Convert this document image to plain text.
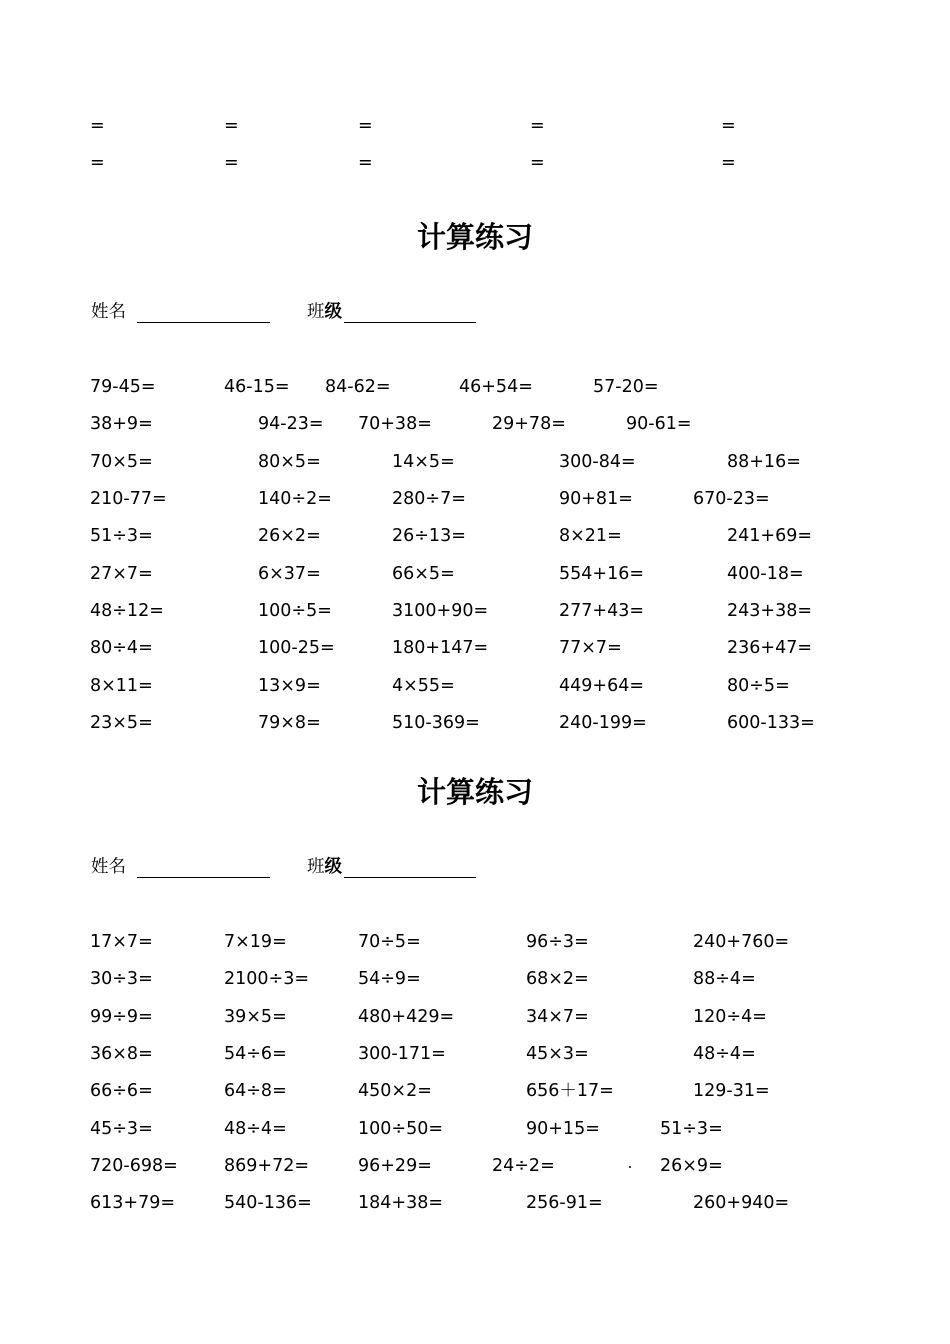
=	=	=	=	=
=	=	=	=	=
计算练习
姓名	班级
79-45=	46-15= 84-62=	46+54=	57-20=
38+9=	94-23= 70+38=	29+78=	90-61=
70×5=	80×5=	14×5=	300-84=	88+16=
210-77=	140÷2=	280÷7=	90+81=	670-23=
51÷3=	26×2=	26÷13=	8×21=	241+69=
27×7=	6×37=	66×5=	554+16=	400-18=
48÷12=	100÷5=	3100+90=	277+43=	243+38=
80÷4=	100-25=	180+147=	77×7=	236+47=
8×11=	13×9=	4×55=	449+64=	80÷5=
23×5=	79×8=	510-369=	240-199=	600-133=
计算练习
姓名	班级
17×7=	7×19=	70÷5=	96÷3=	240+760=
30÷3=	2100÷3=	54÷9=	68×2=	88÷4=
99÷9=	39×5=	480+429=	34×7=	120÷4=
36×8=	54÷6=	300-171=	45×3=	48÷4=
66÷6=	64÷8=	450×2=	656＋17=	129-31=
45÷3=	48÷4=	100÷50=	90+15=	51÷3=
720-698=	869+72=	96+29=	24÷2=	26×9=
613+79=	540-136=	184+38=	256-91=	260+940=
